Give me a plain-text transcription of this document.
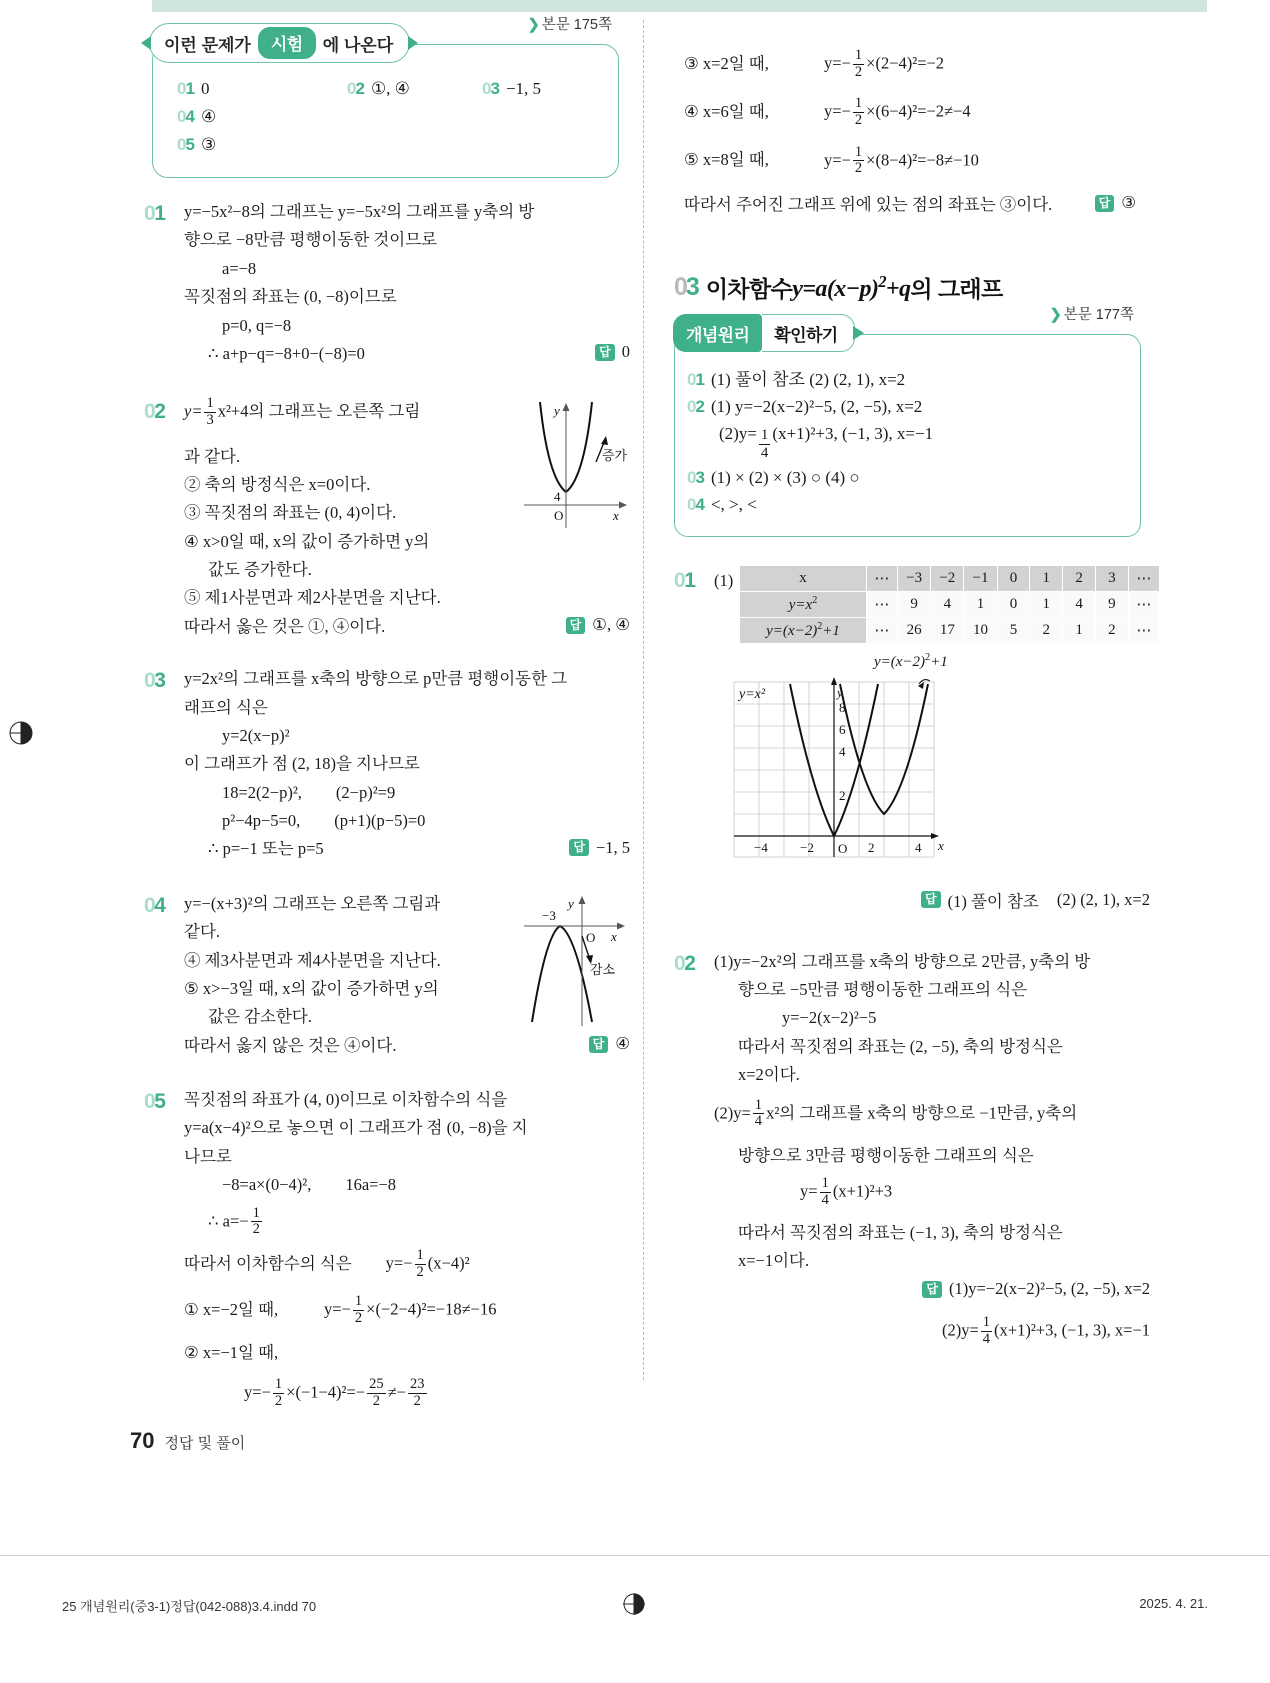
이런 문제가	시험	에 나온다
❯ 본문 175쪽
01 0	02 ①, ④	03 −1, 5
04 ④
05 ③
01	y=−5x²−8의 그래프는 y=−5x²의 그래프를 y축의 방
향으로 −8만큼 평행이동한 것이므로
a=−8
꼭짓점의 좌표는 (0, −8)이므로
p=0, q=−8
∴ a+p−q=−8+0−(−8)=0	답 0
02	y
x
4
O
증가
$y= \frac{1}{3} x^2+4$의 그래프는 오른쪽 그림
과 같다.
② 축의 방정식은 x=0이다.
③ 꼭짓점의 좌표는 (0, 4)이다.
④ x>0일 때, x의 값이 증가하면 y의
값도 증가한다.
⑤ 제1사분면과 제2사분면을 지난다.
따라서 옳은 것은 ①, ④이다.	답 ①, ④
03	y=2x²의 그래프를 x축의 방향으로 p만큼 평행이동한 그
래프의 식은
y=2(x−p)²
이 그래프가 점 (2, 18)을 지나므로
18=2(2−p)², (2−p)²=9
p²−4p−5=0, (p+1)(p−5)=0
∴ p=−1 또는 p=5	답 −1, 5
04	y
x
−3
O
감소
y=−(x+3)²의 그래프는 오른쪽 그림과
같다.
④ 제3사분면과 제4사분면을 지난다.
⑤ x>−3일 때, x의 값이 증가하면 y의
값은 감소한다.
따라서 옳지 않은 것은 ④이다.	답 ④
05	꼭짓점의 좌표가 (4, 0)이므로 이차함수의 식을
y=a(x−4)²으로 놓으면 이 그래프가 점 (0, −8)을 지
나므로
−8=a×(0−4)², 16a=−8
∴ $a=- \frac{1}{2}$
따라서 이차함수의 식은 $y=- \frac{1}{2} (x-4)^2$
① x=−2일 때,	$y=- \frac{1}{2} \times(-2-4)^2=-18\ne-16$
② x=−1일 때,
$y=- \frac{1}{2} \times(-1-4)^2=- \frac{25}{2} \ne- \frac{23}{2}$
③ x=2일 때,	$y=- \frac{1}{2} \times(2-4)^2=-2$
④ x=6일 때,	$y=- \frac{1}{2} \times(6-4)^2=-2\ne-4$
⑤ x=8일 때,	$y=- \frac{1}{2} \times(8-4)^2=-8\ne-10$
따라서 주어진 그래프 위에 있는 점의 좌표는 ③이다.	답 ③
03 이차함수 $y=a(x-p)^2+q$ 의 그래프
개념원리	확인하기
❯ 본문 177쪽
01 (1) 풀이 참조 (2) (2, 1), x=2
02 (1) y=−2(x−2)²−5, (2, −5), x=2
$(2)y= \frac{1}{4} (x+1)^2+3$, (−1, 3), x=−1
03 (1) × (2) × (3) ○ (4) ○
04 <, >, <
01	(1)	x	⋯	−3	−2	−1	0	1	2	3	⋯
$y=x^2$	⋯	9	4	1	0	1	4	9	⋯
$y=(x-2)^2+1$	⋯	26	17	10	5	2	1	2	⋯
$y=(x-2)^2+1$
8
6
4
2
−4 −2 O 2	4
y
x
y=x²
답 (1) 풀이 참조 (2) (2, 1), x=2
02	(1)y=−2x²의 그래프를 x축의 방향으로 2만큼, y축의 방
향으로 −5만큼 평행이동한 그래프의 식은
y=−2(x−2)²−5
따라서 꼭짓점의 좌표는 (2, −5), 축의 방정식은
x=2이다.
$(2)y= \frac{1}{4} x^2$의 그래프를 x축의 방향으로 −1만큼, y축의
방향으로 3만큼 평행이동한 그래프의 식은
$y= \frac{1}{4} (x+1)^2+3$
따라서 꼭짓점의 좌표는 (−1, 3), 축의 방정식은
x=−1이다.
답 (1)y=−2(x−2)²−5, (2, −5), x=2
$(2)y= \frac{1}{4} (x+1)^2+3$, (−1, 3), x=−1
70 정답 및 풀이
25 개념원리(중3-1)정답(042-088)3.4.indd 70	2025. 4. 21.
